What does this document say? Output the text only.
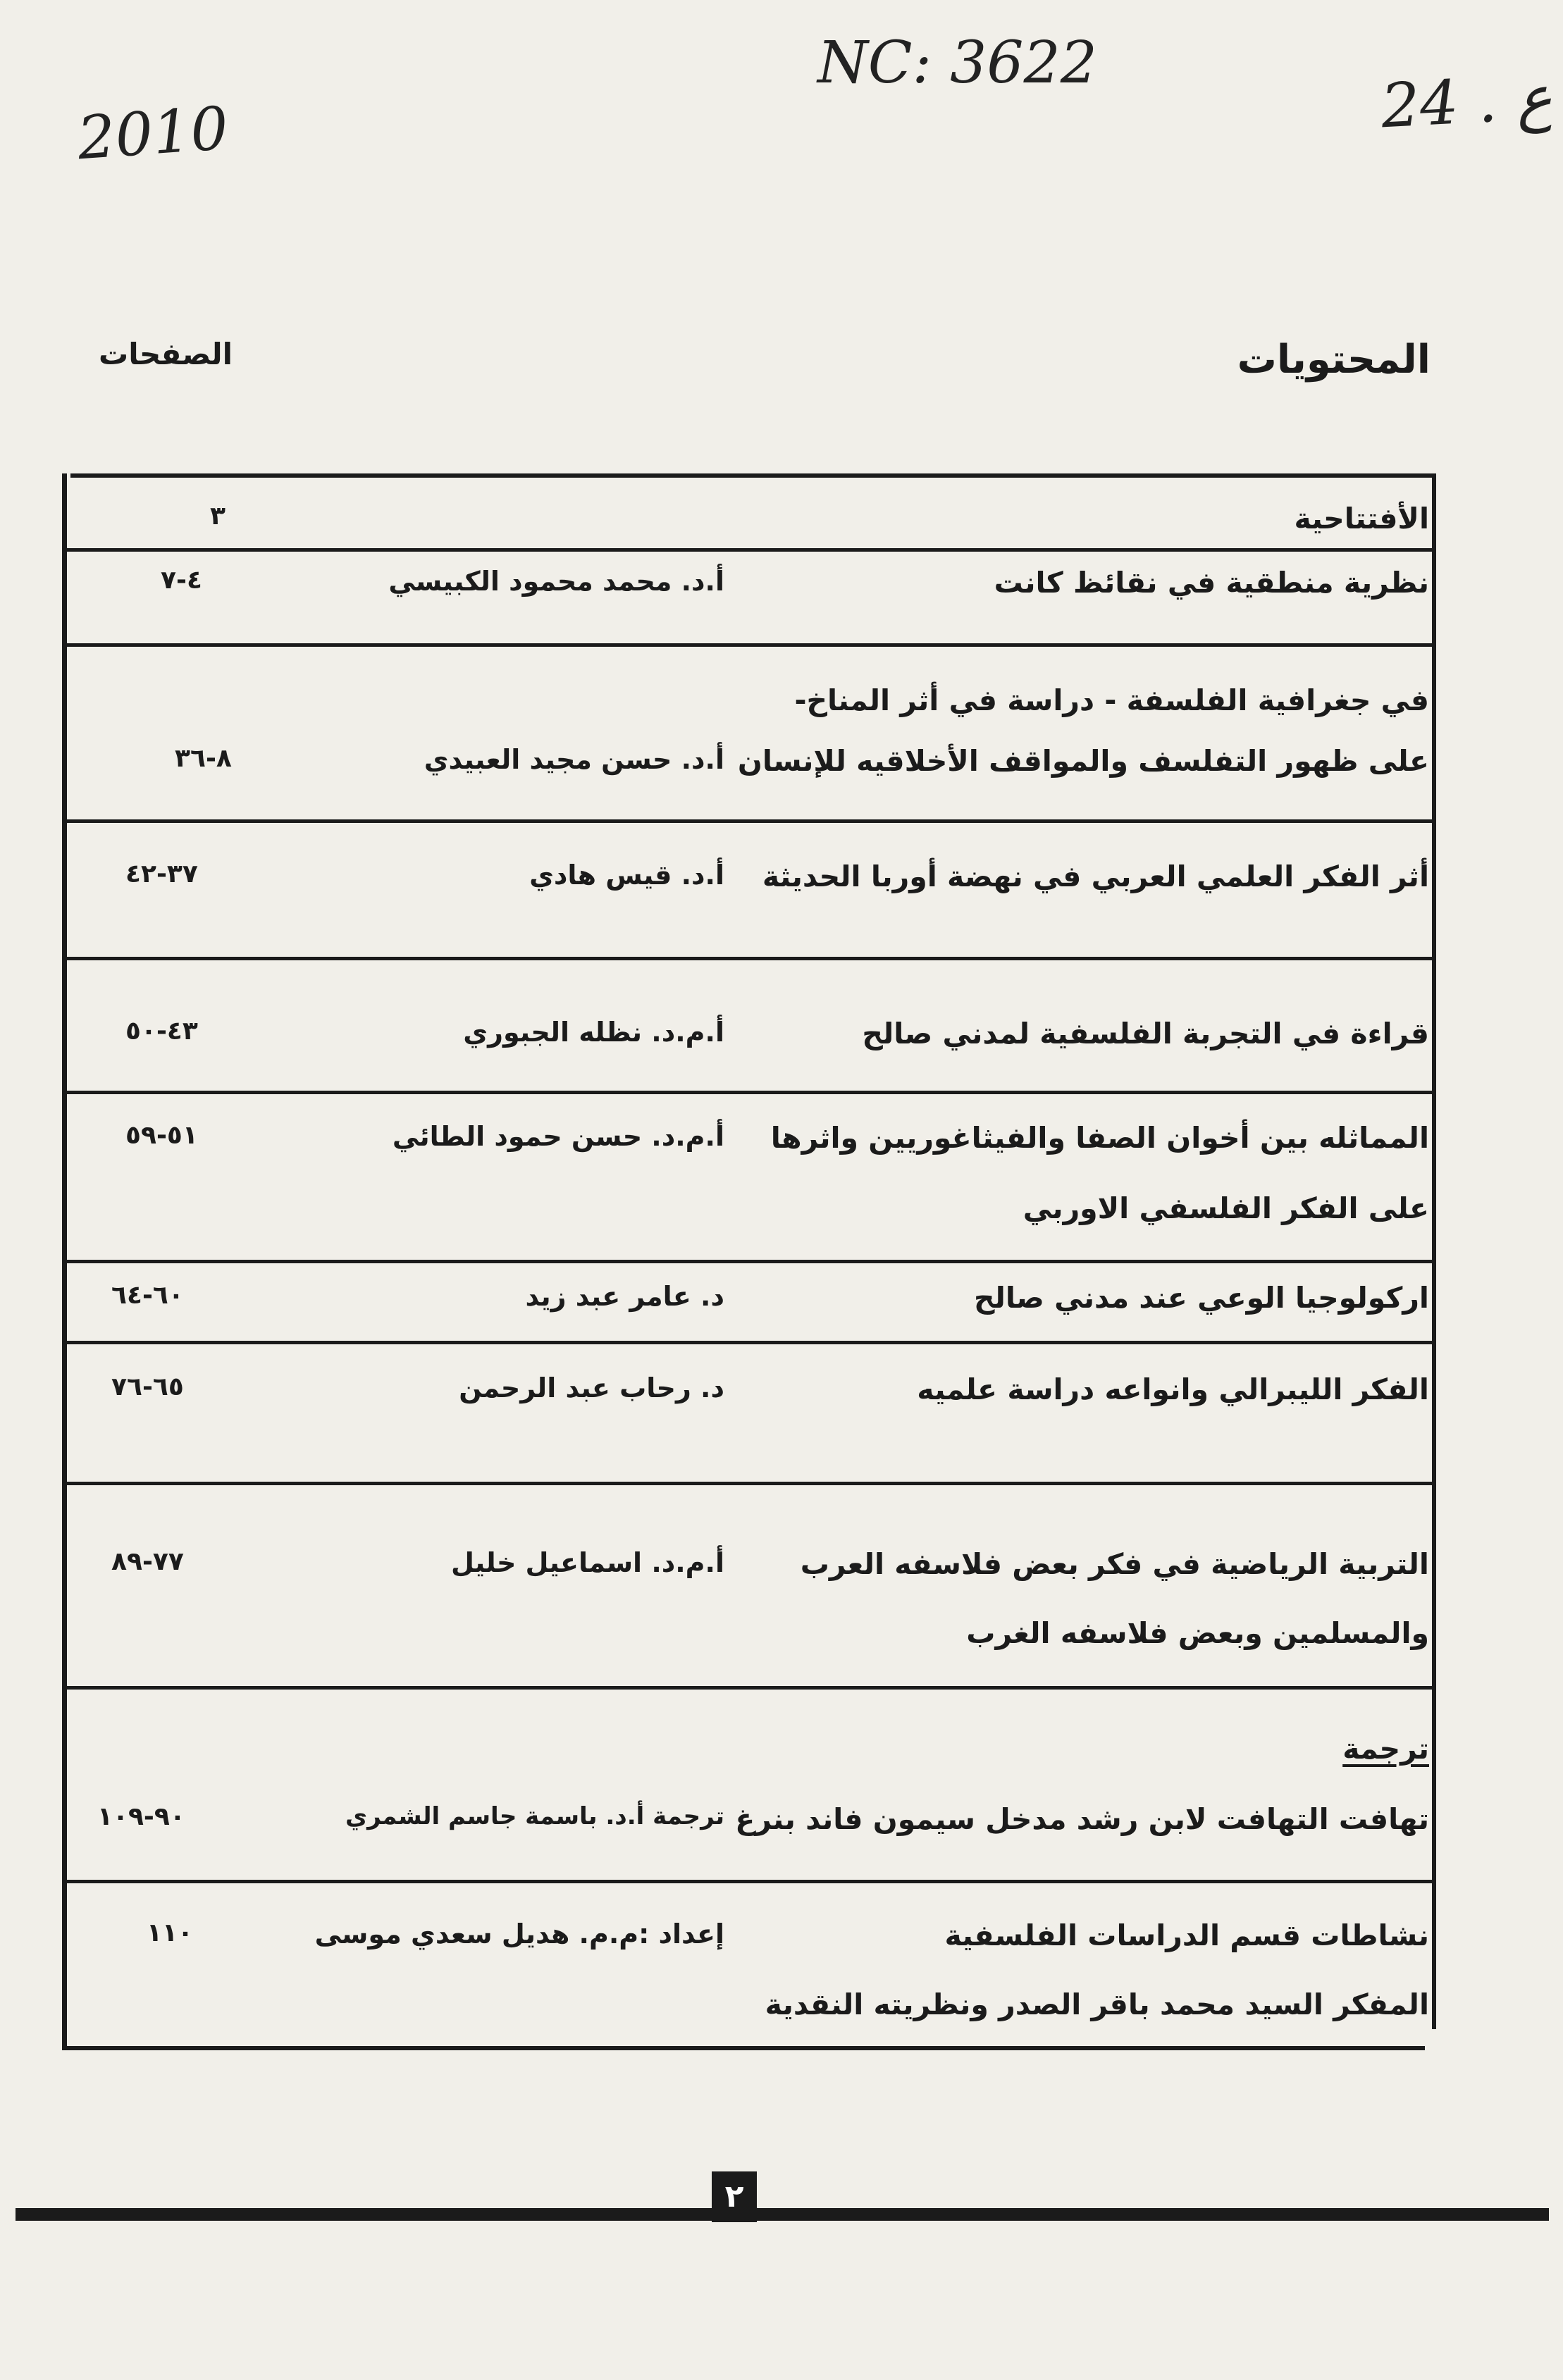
2010
NC: 3622
24 . ع
المحتويات
الصفحات
الأفتتاحية
٣
نظرية منطقية في نقائظ كانت
أ.د. محمد محمود الكبيسي
٤-٧
في جغرافية الفلسفة - دراسة في أثر المناخ-
على ظهور التفلسف والمواقف الأخلاقيه للإنسان
أ.د. حسن مجيد العبيدي
٨-٣٦
أثر الفكر العلمي العربي في نهضة أوربا الحديثة
أ.د. قيس هادي
٣٧-٤٢
قراءة في التجربة الفلسفية لمدني صالح
أ.م.د. نظله الجبوري
٤٣-٥٠
المماثله بين أخوان الصفا والفيثاغوريين واثرها
أ.م.د. حسن حمود الطائي
٥١-٥٩
على الفكر الفلسفي الاوربي
اركولوجيا الوعي عند مدني صالح
د. عامر عبد زيد
٦٠-٦٤
الفكر الليبرالي وانواعه دراسة علميه
د. رحاب عبد الرحمن
٦٥-٧٦
التربية الرياضية في فكر بعض فلاسفه العرب
أ.م.د. اسماعيل خليل
٧٧-٨٩
والمسلمين وبعض فلاسفه الغرب
ترجمة
تهافت التهافت لابن رشد مدخل سيمون فاند بنرغ
ترجمة أ.د. باسمة جاسم الشمري
٩٠-١٠٩
نشاطات قسم الدراسات الفلسفية
إعداد :م.م. هديل سعدي موسى
١١٠
المفكر السيد محمد باقر الصدر ونظريته النقدية
٢
